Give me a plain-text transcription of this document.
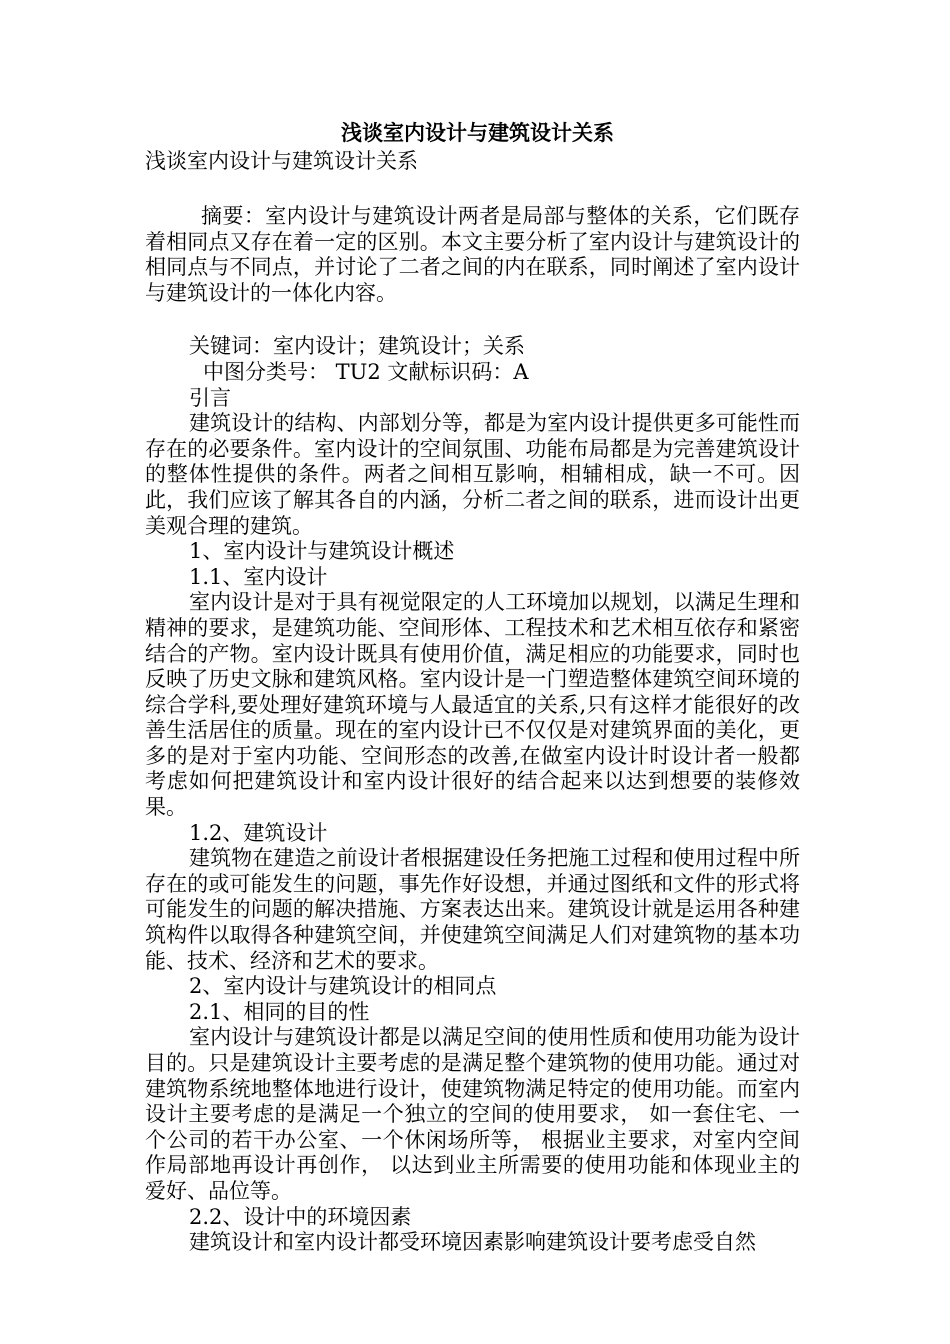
浅谈室内设计与建筑设计关系
浅谈室内设计与建筑设计关系

摘要：室内设计与建筑设计两者是局部与整体的关系，它们既存着相同点又存在着一定的区别。本文主要分析了室内设计与建筑设计的相同点与不同点，并讨论了二者之间的内在联系，同时阐述了室内设计与建筑设计的一体化内容。

关键词：室内设计；建筑设计；关系

中图分类号： TU2 文献标识码：A

引言

建筑设计的结构、内部划分等，都是为室内设计提供更多可能性而存在的必要条件。室内设计的空间氛围、功能布局都是为完善建筑设计的整体性提供的条件。两者之间相互影响，相辅相成，缺一不可。因此，我们应该了解其各自的内涵，分析二者之间的联系，进而设计出更美观合理的建筑。

1、室内设计与建筑设计概述

1.1、室内设计

室内设计是对于具有视觉限定的人工环境加以规划，以满足生理和精神的要求，是建筑功能、空间形体、工程技术和艺术相互依存和紧密结合的产物。室内设计既具有使用价值，满足相应的功能要求，同时也反映了历史文脉和建筑风格。室内设计是一门塑造整体建筑空间环境的综合学科,要处理好建筑环境与人最适宜的关系,只有这样才能很好的改善生活居住的质量。现在的室内设计已不仅仅是对建筑界面的美化，更多的是对于室内功能、空间形态的改善,在做室内设计时设计者一般都考虑如何把建筑设计和室内设计很好的结合起来以达到想要的装修效果。

1.2、建筑设计

建筑物在建造之前设计者根据建设任务把施工过程和使用过程中所存在的或可能发生的问题，事先作好设想，并通过图纸和文件的形式将可能发生的问题的解决措施、方案表达出来。建筑设计就是运用各种建筑构件以取得各种建筑空间，并使建筑空间满足人们对建筑物的基本功能、技术、经济和艺术的要求。

2、室内设计与建筑设计的相同点

2.1、相同的目的性

室内设计与建筑设计都是以满足空间的使用性质和使用功能为设计目的。只是建筑设计主要考虑的是满足整个建筑物的使用功能。通过对建筑物系统地整体地进行设计，使建筑物满足特定的使用功能。而室内设计主要考虑的是满足一个独立的空间的使用要求， 如一套住宅、一个公司的若干办公室、一个休闲场所等， 根据业主要求，对室内空间作局部地再设计再创作， 以达到业主所需要的使用功能和体现业主的爱好、品位等。

2.2、设计中的环境因素

建筑设计和室内设计都受环境因素影响建筑设计要考虑受自然
